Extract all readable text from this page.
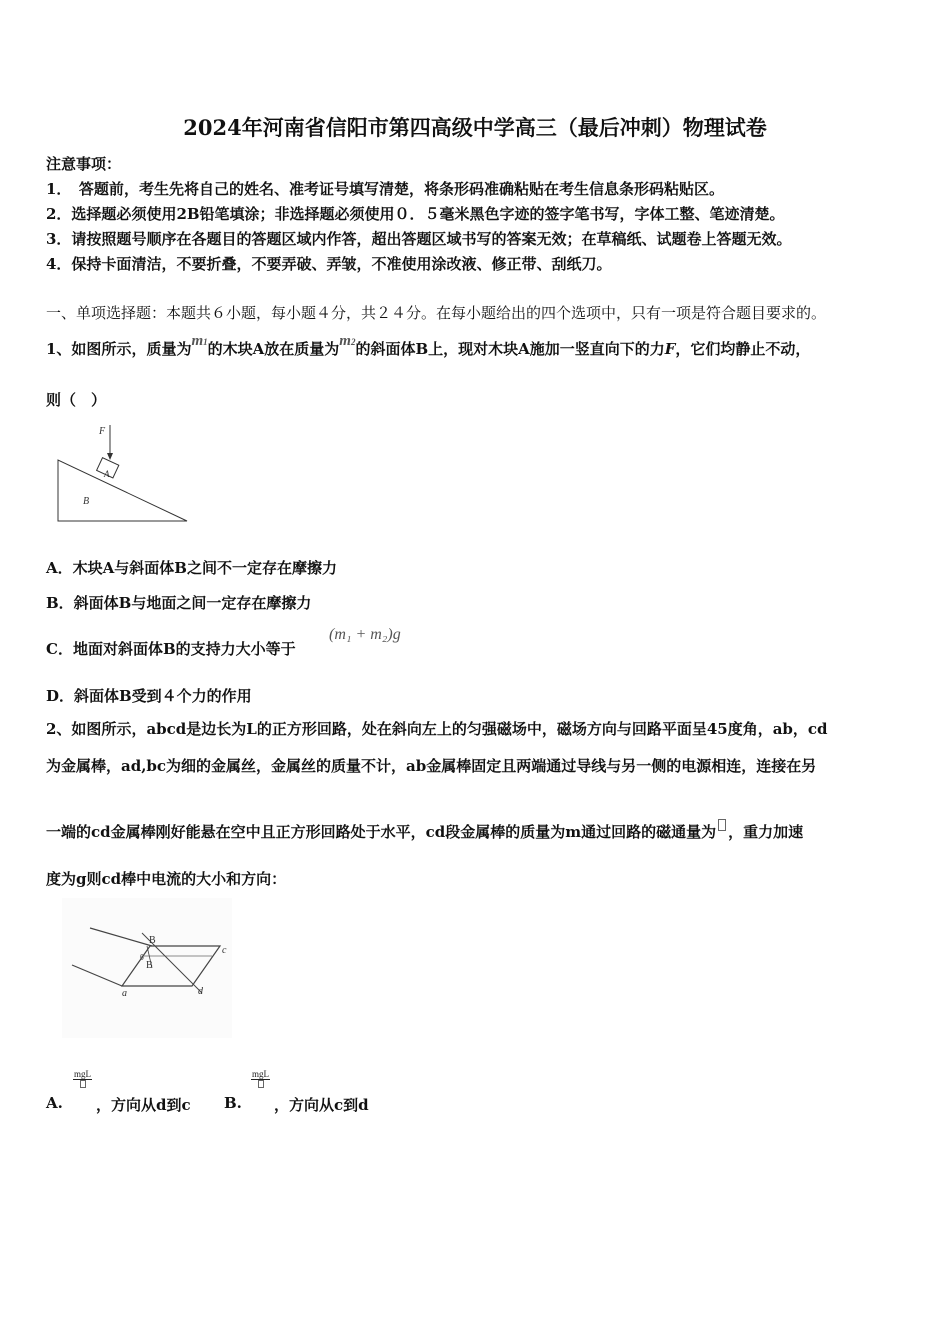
2024年河南省信阳市第四高级中学高三（最后冲刺）物理试卷
注意事项：
1．　答题前，考生先将自己的姓名、准考证号填写清楚，将条形码准确粘贴在考生信息条形码粘贴区。
2．选择题必须使用2B铅笔填涂；非选择题必须使用０．５毫米黑色字迹的签字笔书写，字体工整、笔迹清楚。
3．请按照题号顺序在各题目的答题区域内作答，超出答题区域书写的答案无效；在草稿纸、试题卷上答题无效。
4．保持卡面清洁，不要折叠，不要弄破、弄皱，不准使用涂改液、修正带、刮纸刀。
一、单项选择题：本题共６小题，每小题４分，共２４分。在每小题给出的四个选项中，只有一项是符合题目要求的。
1、如图所示，质量为m1的木块A放在质量为m2的斜面体B上，现对木块A施加一竖直向下的力F，它们均静止不动，
则（　）
F
A
B
A．木块A与斜面体B之间不一定存在摩擦力
B．斜面体B与地面之间一定存在摩擦力
C．地面对斜面体B的支持力大小等于
(m₁ + m₂)g
D．斜面体B受到４个力的作用
2、如图所示，abcd是边长为L的正方形回路，处在斜向左上的匀强磁场中，磁场方向与回路平面呈45度角，ab，cd
为金属棒，ad,bc为细的金属丝，金属丝的质量不计，ab金属棒固定且两端通过导线与另一侧的电源相连，连接在另
一端的cd金属棒刚好能悬在空中且正方形回路处于水平，cd段金属棒的质量为m通过回路的磁通量为 ，重力加速
度为g则cd棒中电流的大小和方向：
B
B
θ
c
d
a
A.
mgL
，方向从d到c B.
mgL
，方向从c到d
